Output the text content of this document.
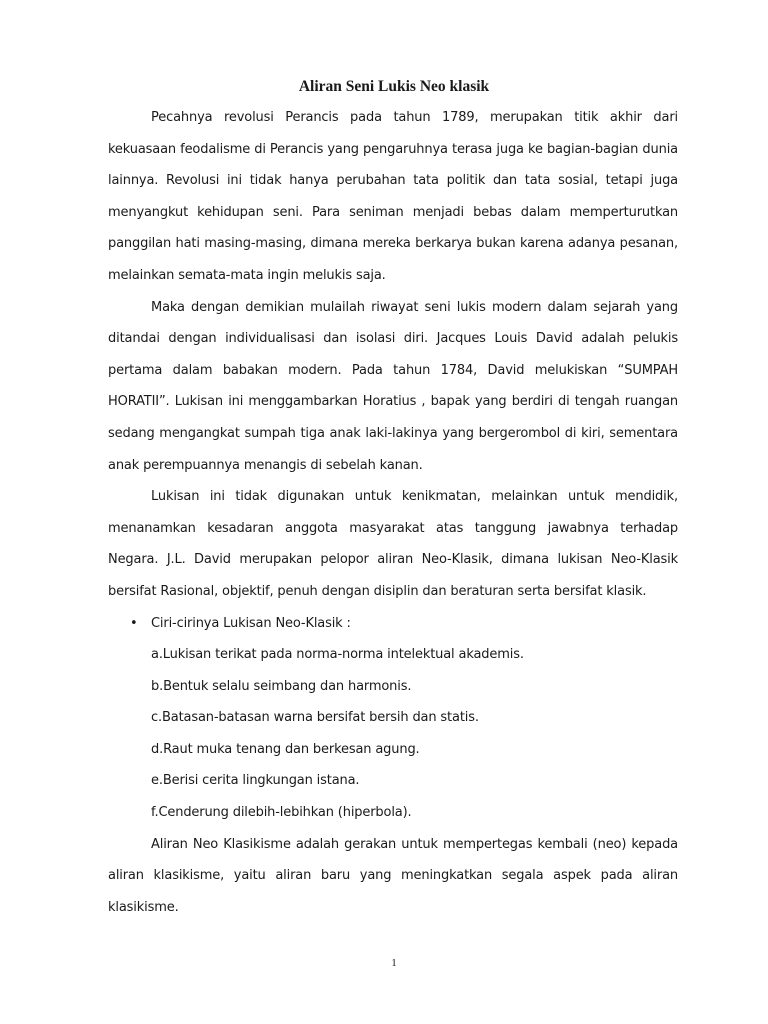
Aliran Seni Lukis Neo klasik

Pecahnya revolusi Perancis pada tahun 1789, merupakan titik akhir dari kekuasaan feodalisme di Perancis yang pengaruhnya terasa juga ke bagian-bagian dunia lainnya. Revolusi ini tidak hanya perubahan tata politik dan tata sosial, tetapi juga menyangkut kehidupan seni. Para seniman menjadi bebas dalam memperturutkan panggilan hati masing-masing, dimana mereka berkarya bukan karena adanya pesanan, melainkan semata-mata ingin melukis saja.

Maka dengan demikian mulailah riwayat seni lukis modern dalam sejarah yang ditandai dengan individualisasi dan isolasi diri. Jacques Louis David adalah pelukis pertama dalam babakan modern. Pada tahun 1784, David melukiskan “SUMPAH HORATII”. Lukisan ini menggambarkan Horatius , bapak yang berdiri di tengah ruangan sedang mengangkat sumpah tiga anak laki-lakinya yang bergerombol di kiri, sementara anak perempuannya menangis di sebelah kanan.

Lukisan ini tidak digunakan untuk kenikmatan, melainkan untuk mendidik, menanamkan kesadaran anggota masyarakat atas tanggung jawabnya terhadap Negara. J.L. David merupakan pelopor aliran Neo-Klasik, dimana lukisan Neo-Klasik bersifat Rasional, objektif, penuh dengan disiplin dan beraturan serta bersifat klasik.

• Ciri-cirinya Lukisan Neo-Klasik :

a.Lukisan terikat pada norma-norma intelektual akademis.

b.Bentuk selalu seimbang dan harmonis.

c.Batasan-batasan warna bersifat bersih dan statis.

d.Raut muka tenang dan berkesan agung.

e.Berisi cerita lingkungan istana.

f.Cenderung dilebih-lebihkan (hiperbola).

Aliran Neo Klasikisme adalah gerakan untuk mempertegas kembali (neo) kepada aliran klasikisme, yaitu aliran baru yang meningkatkan segala aspek pada aliran klasikisme.

1
